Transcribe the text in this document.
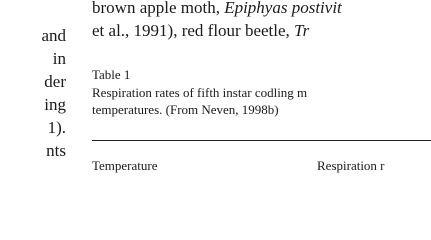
and
in
der
ing
1).
nts
brown apple moth, Epiphyas postivit
et al., 1991), red flour beetle, Tr
Table 1
Respiration rates of fifth instar codling m
temperatures. (From Neven, 1998b)
Temperature	Respiration r
